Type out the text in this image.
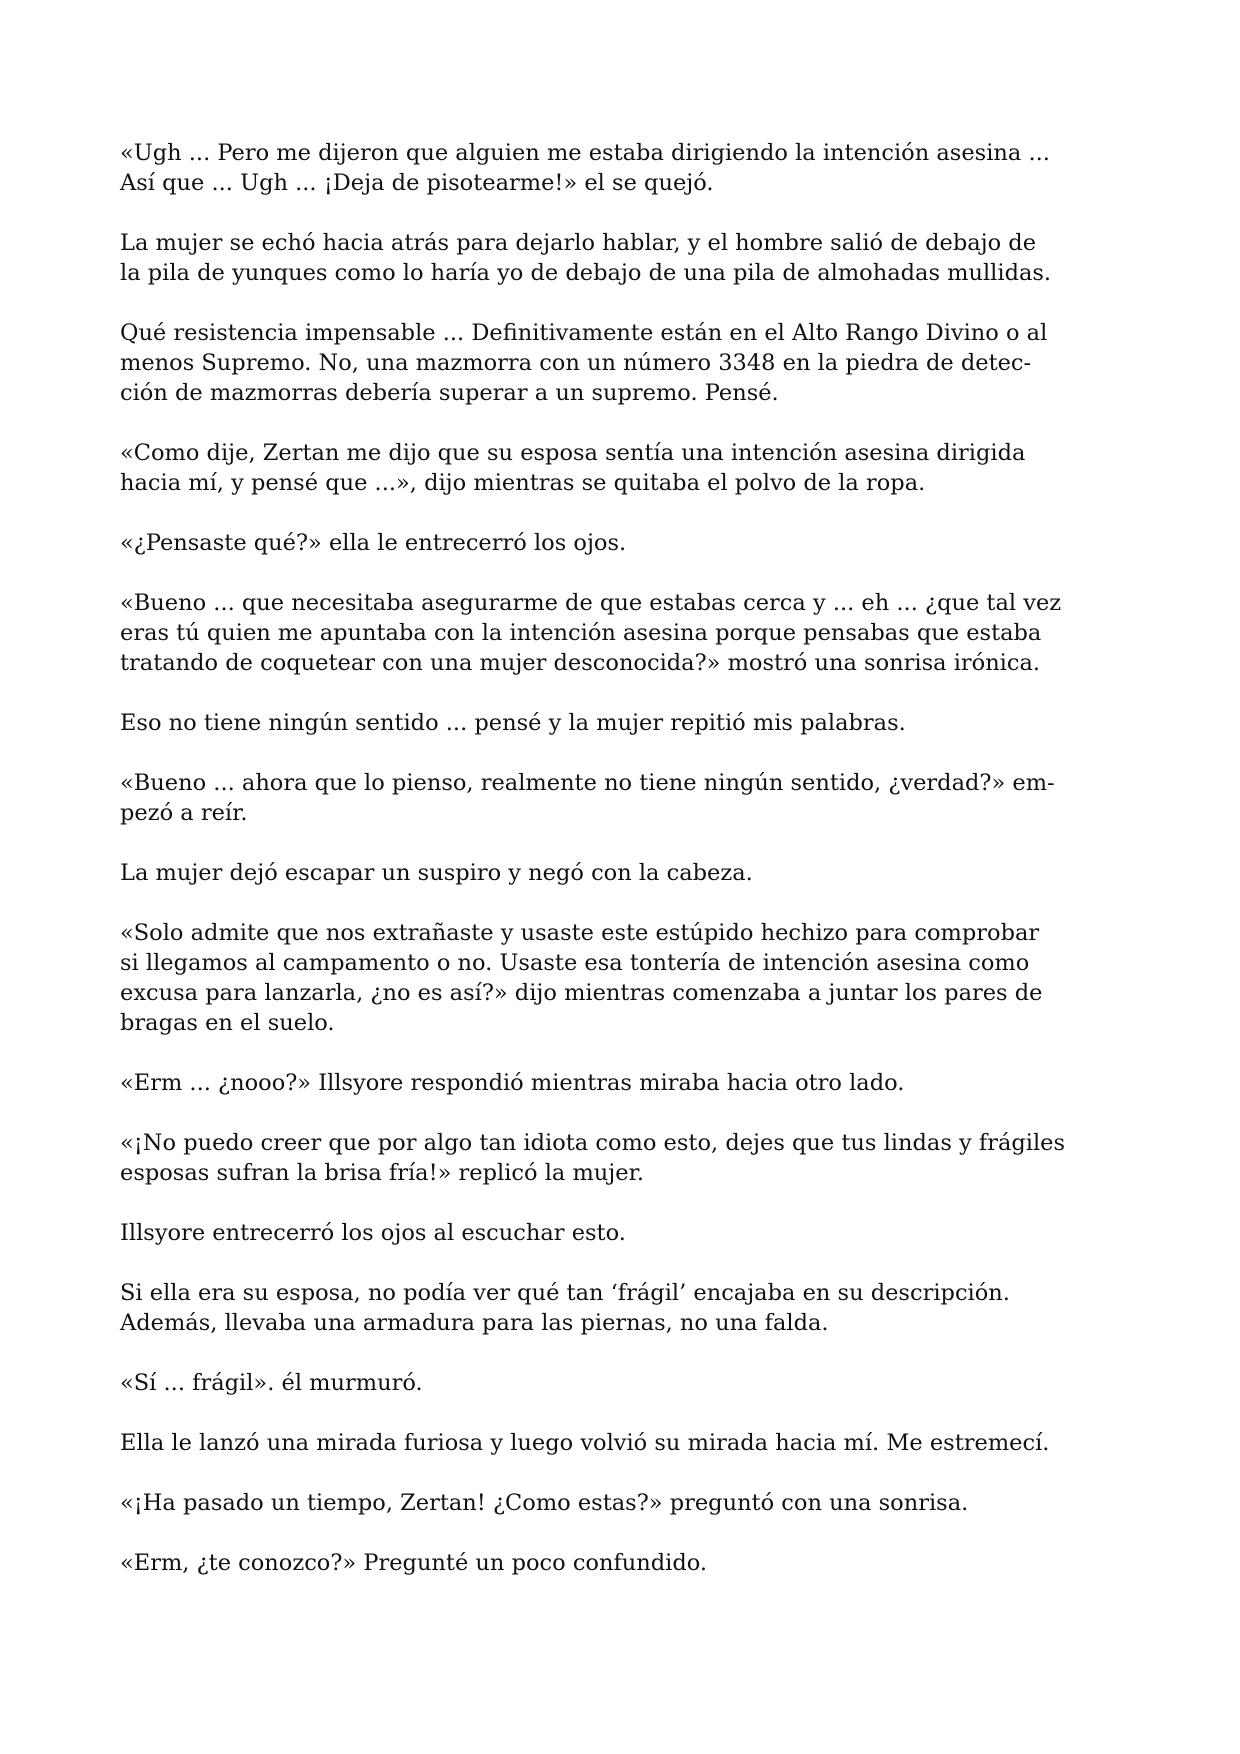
«Ugh ... Pero me dijeron que alguien me estaba dirigiendo la intención asesina ...
Así que ... Ugh ... ¡Deja de pisotearme!» el se quejó.

La mujer se echó hacia atrás para dejarlo hablar, y el hombre salió de debajo de
la pila de yunques como lo haría yo de debajo de una pila de almohadas mullidas.

Qué resistencia impensable ... Definitivamente están en el Alto Rango Divino o al
menos Supremo. No, una mazmorra con un número 3348 en la piedra de detec-
ción de mazmorras debería superar a un supremo. Pensé.

«Como dije, Zertan me dijo que su esposa sentía una intención asesina dirigida
hacia mí, y pensé que ...», dijo mientras se quitaba el polvo de la ropa.

«¿Pensaste qué?» ella le entrecerró los ojos.

«Bueno ... que necesitaba asegurarme de que estabas cerca y ... eh ... ¿que tal vez
eras tú quien me apuntaba con la intención asesina porque pensabas que estaba
tratando de coquetear con una mujer desconocida?» mostró una sonrisa irónica.

Eso no tiene ningún sentido ... pensé y la mujer repitió mis palabras.

«Bueno ... ahora que lo pienso, realmente no tiene ningún sentido, ¿verdad?» em-
pezó a reír.

La mujer dejó escapar un suspiro y negó con la cabeza.

«Solo admite que nos extrañaste y usaste este estúpido hechizo para comprobar
si llegamos al campamento o no. Usaste esa tontería de intención asesina como
excusa para lanzarla, ¿no es así?» dijo mientras comenzaba a juntar los pares de
bragas en el suelo.

«Erm ... ¿nooo?» Illsyore respondió mientras miraba hacia otro lado.

«¡No puedo creer que por algo tan idiota como esto, dejes que tus lindas y frágiles
esposas sufran la brisa fría!» replicó la mujer.

Illsyore entrecerró los ojos al escuchar esto.

Si ella era su esposa, no podía ver qué tan ‘frágil’ encajaba en su descripción.
Además, llevaba una armadura para las piernas, no una falda.

«Sí ... frágil». él murmuró.

Ella le lanzó una mirada furiosa y luego volvió su mirada hacia mí. Me estremecí.

«¡Ha pasado un tiempo, Zertan! ¿Como estas?» preguntó con una sonrisa.

«Erm, ¿te conozco?» Pregunté un poco confundido.
